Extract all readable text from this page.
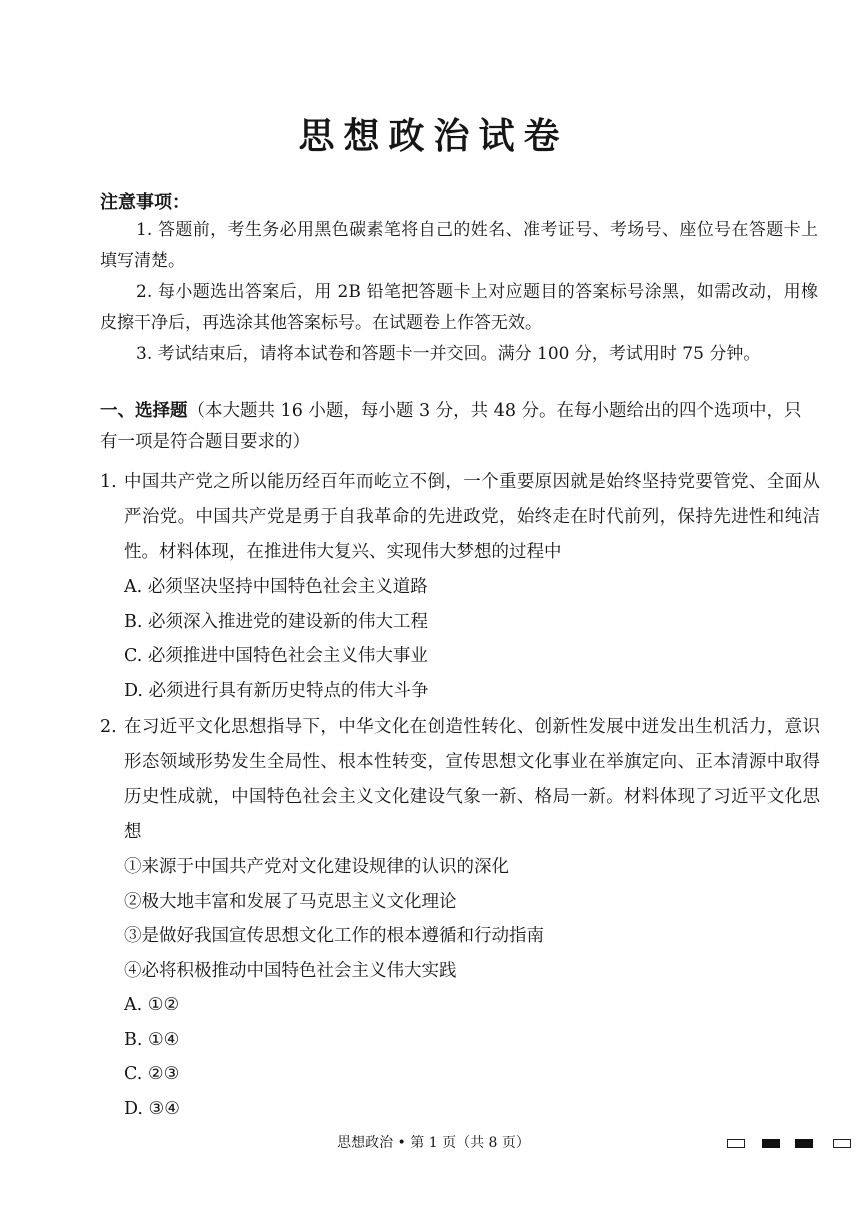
思想政治试卷
注意事项：

1. 答题前，考生务必用黑色碳素笔将自己的姓名、准考证号、考场号、座位号在答题卡上填写清楚。

2. 每小题选出答案后，用 2B 铅笔把答题卡上对应题目的答案标号涂黑，如需改动，用橡皮擦干净后，再选涂其他答案标号。在试题卷上作答无效。

3. 考试结束后，请将本试卷和答题卡一并交回。满分 100 分，考试用时 75 分钟。

一、选择题（本大题共 16 小题，每小题 3 分，共 48 分。在每小题给出的四个选项中，只有一项是符合题目要求的）
1. 中国共产党之所以能历经百年而屹立不倒，一个重要原因就是始终坚持党要管党、全面从严治党。中国共产党是勇于自我革命的先进政党，始终走在时代前列，保持先进性和纯洁性。材料体现，在推进伟大复兴、实现伟大梦想的过程中
A. 必须坚决坚持中国特色社会主义道路
B. 必须深入推进党的建设新的伟大工程
C. 必须推进中国特色社会主义伟大事业
D. 必须进行具有新历史特点的伟大斗争
2. 在习近平文化思想指导下，中华文化在创造性转化、创新性发展中迸发出生机活力，意识形态领域形势发生全局性、根本性转变，宣传思想文化事业在举旗定向、正本清源中取得历史性成就，中国特色社会主义文化建设气象一新、格局一新。材料体现了习近平文化思想
①来源于中国共产党对文化建设规律的认识的深化
②极大地丰富和发展了马克思主义文化理论
③是做好我国宣传思想文化工作的根本遵循和行动指南
④必将积极推动中国特色社会主义伟大实践
A. ①②
B. ①④
C. ②③
D. ③④
思想政治 • 第 1 页（共 8 页）
